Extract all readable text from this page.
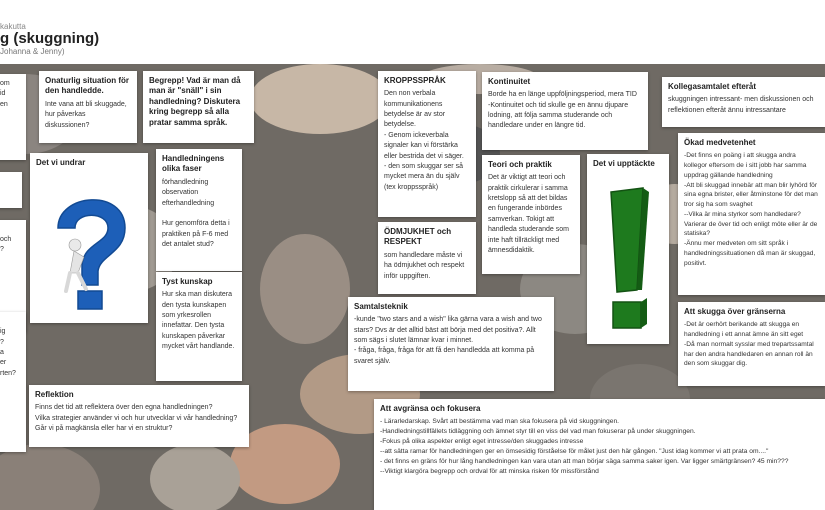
kakutta
g (skuggning)
Johanna & Jenny)

om
id
en

och
?

ig
?
a
er
rten?

Onaturlig situation för den handledde.

Inte vana att bli skuggade, hur påverkas diskussionen?

Begrepp! Vad är man då man är "snäll" i sin handledning? Diskutera kring begrepp så alla pratar samma språk.
Det vi undrar	Handledningens olika faser

förhandledning
observation
efterhandledning

Hur genomföra detta i praktiken på F-6 med det antalet stud?

Tyst kunskap

Hur ska man diskutera den tysta kunskapen som yrkesrollen innefattar. Den tysta kunskapen påverkar mycket vårt handlande.

KROPPSSPRÅK

Den non verbala kommunikationens betydelse är av stor betydelse.
- Genom ickeverbala signaler kan vi förstärka eller bestrida det vi säger.
- den som skuggar ser så mycket mera än du själv (tex kroppsspråk)

ÖDMJUKHET och RESPEKT

som handledare måste vi ha ödmjukhet och respekt inför uppgiften.

Kontinuitet

Borde ha en länge uppföljningsperiod, mera TID
-Kontinuitet och tid skulle ge en ännu djupare lodning, att följa samma studerande och handledare under en längre tid.

Teori och praktik

Det är viktigt att teori och praktik cirkulerar i samma kretslopp så att det bildas en fungerande inbördes samverkan. Tokigt att handleda studerande som inte haft tillräckligt med ämnesdidaktik.

Det vi upptäckte
Kollegasamtalet efteråt

skuggningen intressant- men diskussionen och reflektionen efteråt ännu intressantare

Ökad medvetenhet

-Det finns en poäng i att skugga andra kollegor eftersom de i sitt jobb har samma uppdrag gällande handledning
-Att bli skuggad innebär att man blir lyhörd för sina egna brister, eller åtminstone för det man tror sig ha som svaghet
--Vilka är mina styrkor som handledare?
Varierar de över tid och enligt möte eller är de statiska?
-Ännu mer medveten om sitt språk i handledningssituationen då man är skuggad, positivt.

Att skugga över gränserna

-Det är oerhört berikande att skugga en handledning i ett annat ämne än sitt eget
-Då man normalt sysslar med trepartssamtal har den andra handledaren en annan roll än den som skuggar dig.

Samtalsteknik

-kunde "two stars and a wish" lika gärna vara a wish and two stars? Dvs är det alltid bäst att börja med det positiva?. Allt som sägs i slutet lämnar kvar i minnet.
- fråga, fråga, fråga för att få den handledda att komma på svaret själv.

Reflektion

Finns det tid att reflektera över den egna handledningen?
Vilka strategier använder vi och hur utvecklar vi vår handledning?
Går vi på magkänsla eller har vi en struktur?

Att avgränsa och fokusera

- Lärarledarskap. Svårt att bestämma vad man ska fokusera på vid skuggningen.
-Handledningstillfällets tidläggning och ämnet styr till en viss del vad man fokuserar på under skuggningen.
-Fokus på olika aspekter enligt eget intresse/den skuggades intresse
--att sätta ramar för handledningen ger en ömsesidig förståelse för målet just den här gången. "Just idag kommer vi att prata om...."
- det finns en gräns för hur lång handledningen kan vara utan att man börjar säga samma saker igen. Var ligger smärtgränsen? 45 min???
--Viktigt klargöra begrepp och ordval för att minska risken för missförstånd
